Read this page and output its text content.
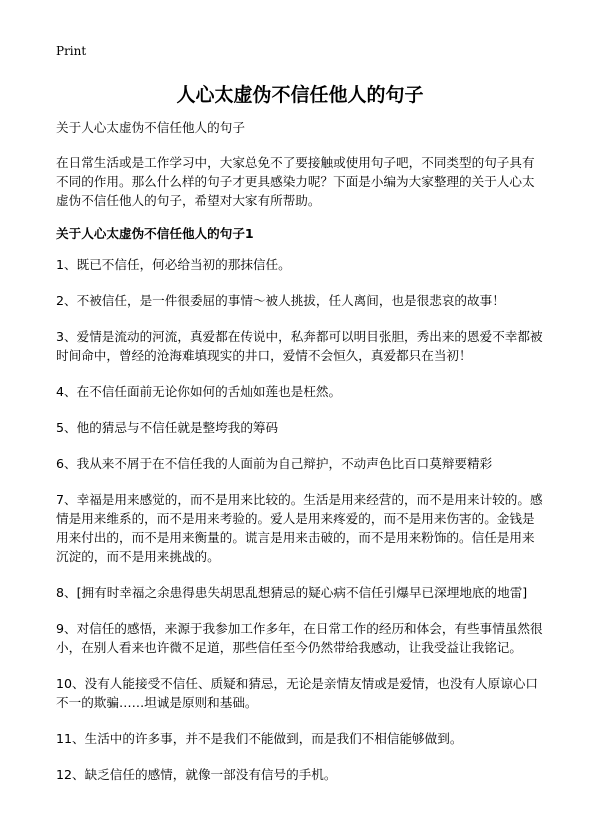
Print
人心太虚伪不信任他人的句子

关于人心太虚伪不信任他人的句子

在日常生活或是工作学习中，大家总免不了要接触或使用句子吧，不同类型的句子具有不同的作用。那么什么样的句子才更具感染力呢？下面是小编为大家整理的关于人心太虚伪不信任他人的句子，希望对大家有所帮助。

关于人心太虚伪不信任他人的句子1

1、既已不信任，何必给当初的那抹信任。

2、不被信任，是一件很委屈的事情～被人挑拔，任人离间，也是很悲哀的故事！

3、爱情是流动的河流，真爱都在传说中，私奔都可以明目张胆，秀出来的恩爱不幸都被时间命中，曾经的沧海难填现实的井口，爱情不会恒久，真爱都只在当初！

4、在不信任面前无论你如何的舌灿如莲也是枉然。

5、他的猜忌与不信任就是整垮我的筹码

6、我从来不屑于在不信任我的人面前为自己辩护，不动声色比百口莫辩要精彩

7、幸福是用来感觉的，而不是用来比较的。生活是用来经营的，而不是用来计较的。感情是用来维系的，而不是用来考验的。爱人是用来疼爱的，而不是用来伤害的。金钱是用来付出的，而不是用来衡量的。谎言是用来击破的，而不是用来粉饰的。信任是用来沉淀的，而不是用来挑战的。

8、[拥有时幸福之余患得患失胡思乱想猜忌的疑心病不信任引爆早已深埋地底的地雷]

9、对信任的感悟，来源于我参加工作多年，在日常工作的经历和体会，有些事情虽然很小，在别人看来也许微不足道，那些信任至今仍然带给我感动，让我受益让我铭记。

10、没有人能接受不信任、质疑和猜忌，无论是亲情友情或是爱情，也没有人原谅心口不一的欺骗……坦诚是原则和基础。

11、生活中的许多事，并不是我们不能做到，而是我们不相信能够做到。

12、缺乏信任的感情，就像一部没有信号的手机。
